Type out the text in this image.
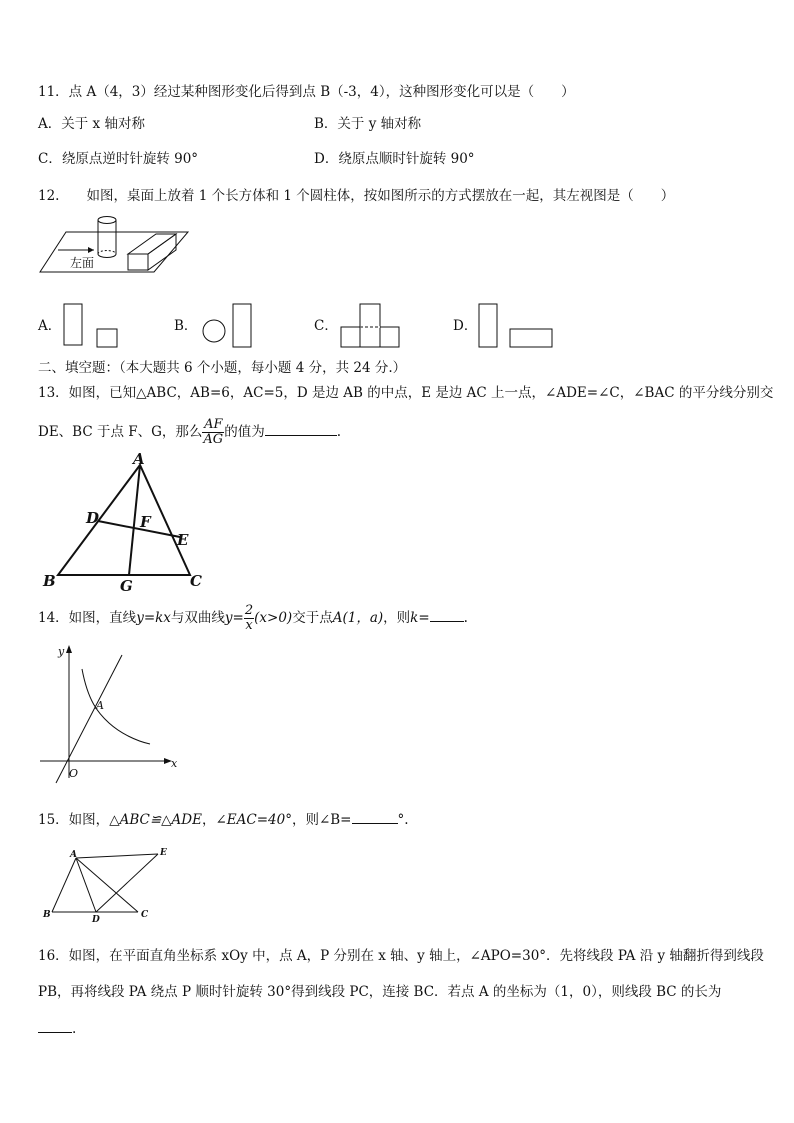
11．点 A（4，3）经过某种图形变化后得到点 B（-3，4），这种图形变化可以是（　　）
A．关于 x 轴对称	B．关于 y 轴对称
C．绕原点逆时针旋转 90°	D．绕原点顺时针旋转 90°
12.　　如图，桌面上放着 1 个长方体和 1 个圆柱体，按如图所示的方式摆放在一起，其左视图是（　　）
左面
A．	B．	C．	D．
二、填空题：（本大题共 6 个小题，每小题 4 分，共 24 分.）
13．如图，已知△ABC，AB=6，AC=5，D 是边 AB 的中点，E 是边 AC 上一点，∠ADE=∠C，∠BAC 的平分线分别交
DE、BC 于点 F、G，那么 $\frac{AF}{AG}$ 的值为	.
A
D	F
E
B	G	C
14．如图，直线y=kx与双曲线$y= \frac{2}{x} (x>0)$交于点A(1，a)，则k=	.
y
x
O
A
15．如图，△ABC≌△ADE，∠EAC=40°，则∠B=	°.
A	E
B	D	C
16．如图，在平面直角坐标系 xOy 中，点 A，P 分别在 x 轴、y 轴上，∠APO=30°．先将线段 PA 沿 y 轴翻折得到线段
PB，再将线段 PA 绕点 P 顺时针旋转 30°得到线段 PC，连接 BC．若点 A 的坐标为（1，0），则线段 BC 的长为
.
